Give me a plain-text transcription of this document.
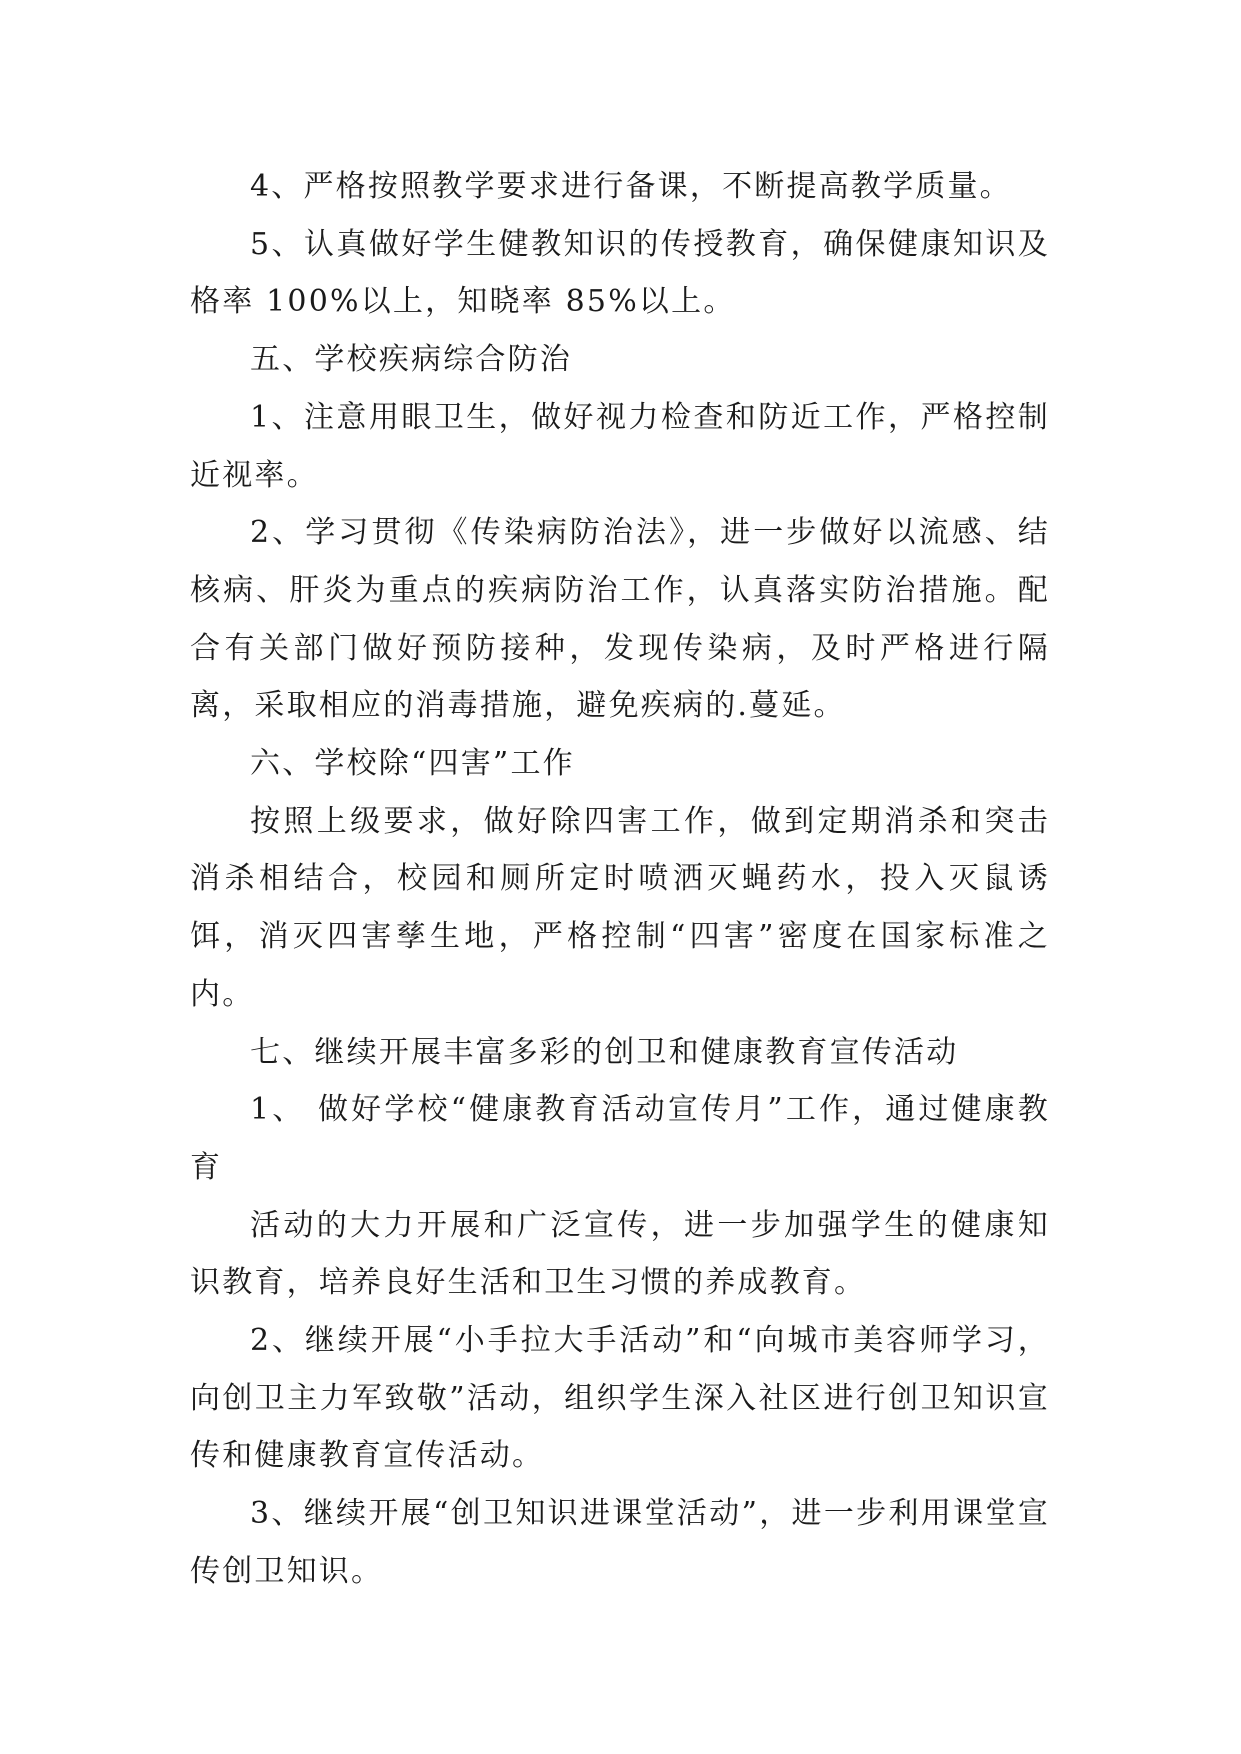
4、严格按照教学要求进行备课，不断提高教学质量。

5、认真做好学生健教知识的传授教育，确保健康知识及格率 100%以上，知晓率 85%以上。

五、学校疾病综合防治

1、注意用眼卫生，做好视力检查和防近工作，严格控制近视率。

2、学习贯彻《传染病防治法》，进一步做好以流感、结核病、肝炎为重点的疾病防治工作，认真落实防治措施。配合有关部门做好预防接种，发现传染病，及时严格进行隔离，采取相应的消毒措施，避免疾病的.蔓延。

六、学校除“四害”工作

按照上级要求，做好除四害工作，做到定期消杀和突击消杀相结合，校园和厕所定时喷洒灭蝇药水，投入灭鼠诱饵，消灭四害孳生地，严格控制“四害”密度在国家标准之内。

七、继续开展丰富多彩的创卫和健康教育宣传活动

1、 做好学校“健康教育活动宣传月”工作，通过健康教育

活动的大力开展和广泛宣传，进一步加强学生的健康知识教育，培养良好生活和卫生习惯的养成教育。

2、继续开展“小手拉大手活动”和“向城市美容师学习，向创卫主力军致敬”活动，组织学生深入社区进行创卫知识宣传和健康教育宣传活动。

3、继续开展“创卫知识进课堂活动”，进一步利用课堂宣传创卫知识。
